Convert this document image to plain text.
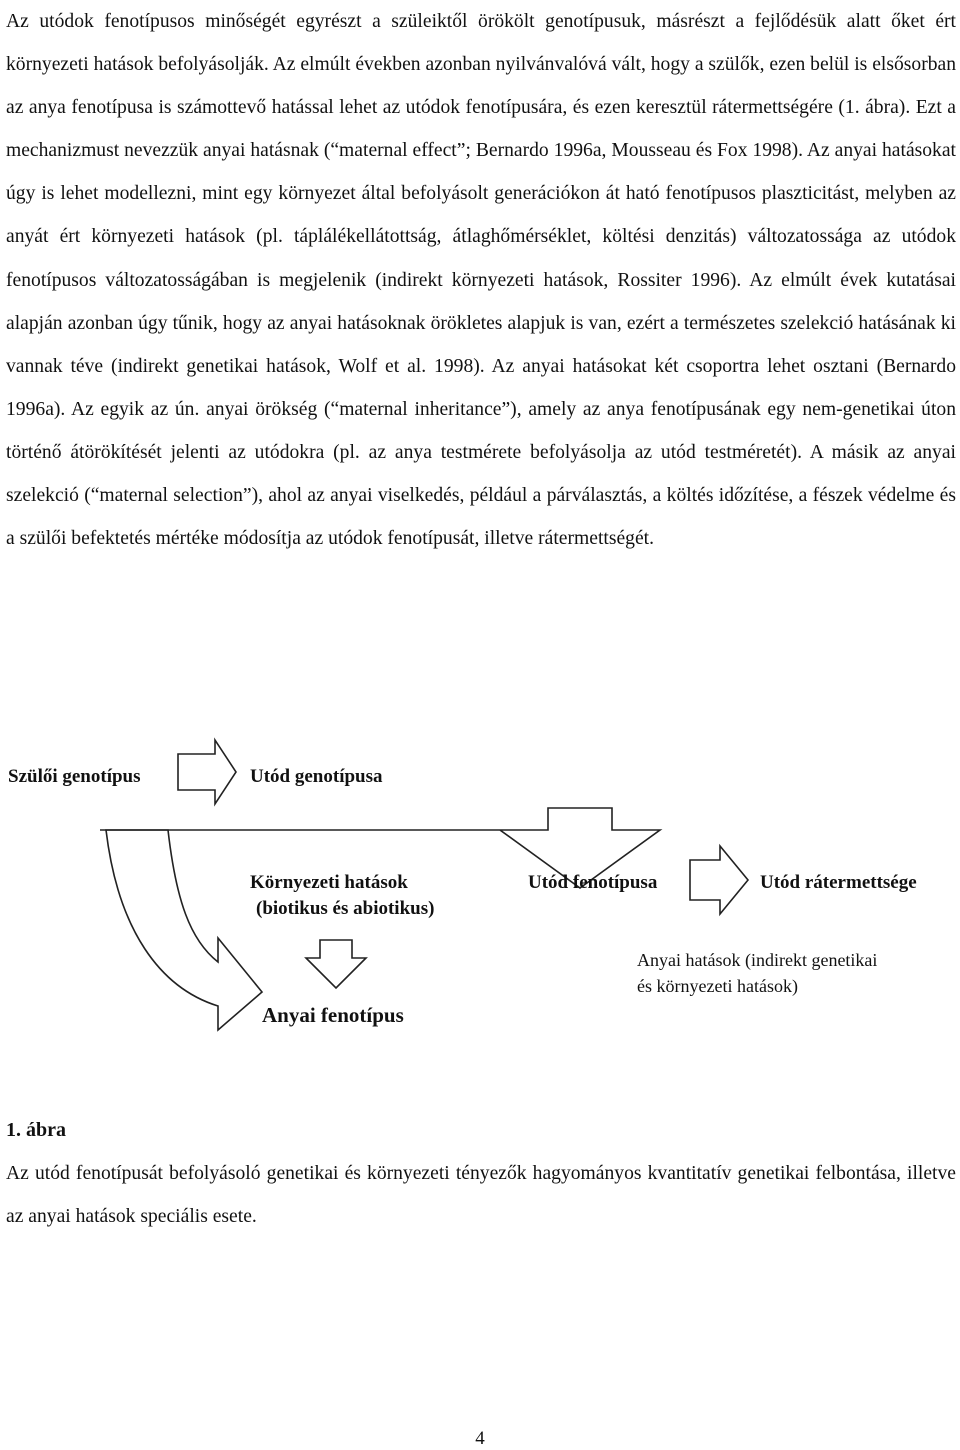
Az utódok fenotípusos minőségét egyrészt a szüleiktől örökölt genotípusuk, másrészt a fejlődésük alatt őket ért környezeti hatások befolyásolják. Az elmúlt években azonban nyilvánvalóvá vált, hogy a szülők, ezen belül is elsősorban az anya fenotípusa is számottevő hatással lehet az utódok fenotípusára, és ezen keresztül rátermettségére (1. ábra). Ezt a mechanizmust nevezzük anyai hatásnak (“maternal effect”; Bernardo 1996a, Mousseau és Fox 1998). Az anyai hatásokat úgy is lehet modellezni, mint egy környezet által befolyásolt generációkon át ható fenotípusos plaszticitást, melyben az anyát ért környezeti hatások (pl. táplálékellátottság, átlaghőmérséklet, költési denzitás) változatossága az utódok fenotípusos változatosságában is megjelenik (indirekt környezeti hatások, Rossiter 1996). Az elmúlt évek kutatásai alapján azonban úgy tűnik, hogy az anyai hatásoknak örökletes alapjuk is van, ezért a természetes szelekció hatásának ki vannak téve (indirekt genetikai hatások, Wolf et al. 1998). Az anyai hatásokat két csoportra lehet osztani (Bernardo 1996a). Az egyik az ún. anyai örökség (“maternal inheritance”), amely az anya fenotípusának egy nem-genetikai úton történő átörökítését jelenti az utódokra (pl. az anya testmérete befolyásolja az utód testméretét). A másik az anyai szelekció (“maternal selection”), ahol az anyai viselkedés, például a párválasztás, a költés időzítése, a fészek védelme és a szülői befektetés mértéke módosítja az utódok fenotípusát, illetve rátermettségét.

Szülői genotípus	Utód genotípusa
Környezeti hatások
(biotikus és abiotikus)
Utód fenotípusa	Utód rátermettsége
Anyai hatások (indirekt genetikai
és környezeti hatások)
Anyai fenotípus

1. ábra

Az utód fenotípusát befolyásoló genetikai és környezeti tényezők hagyományos kvantitatív genetikai felbontása, illetve az anyai hatások speciális esete.

4
